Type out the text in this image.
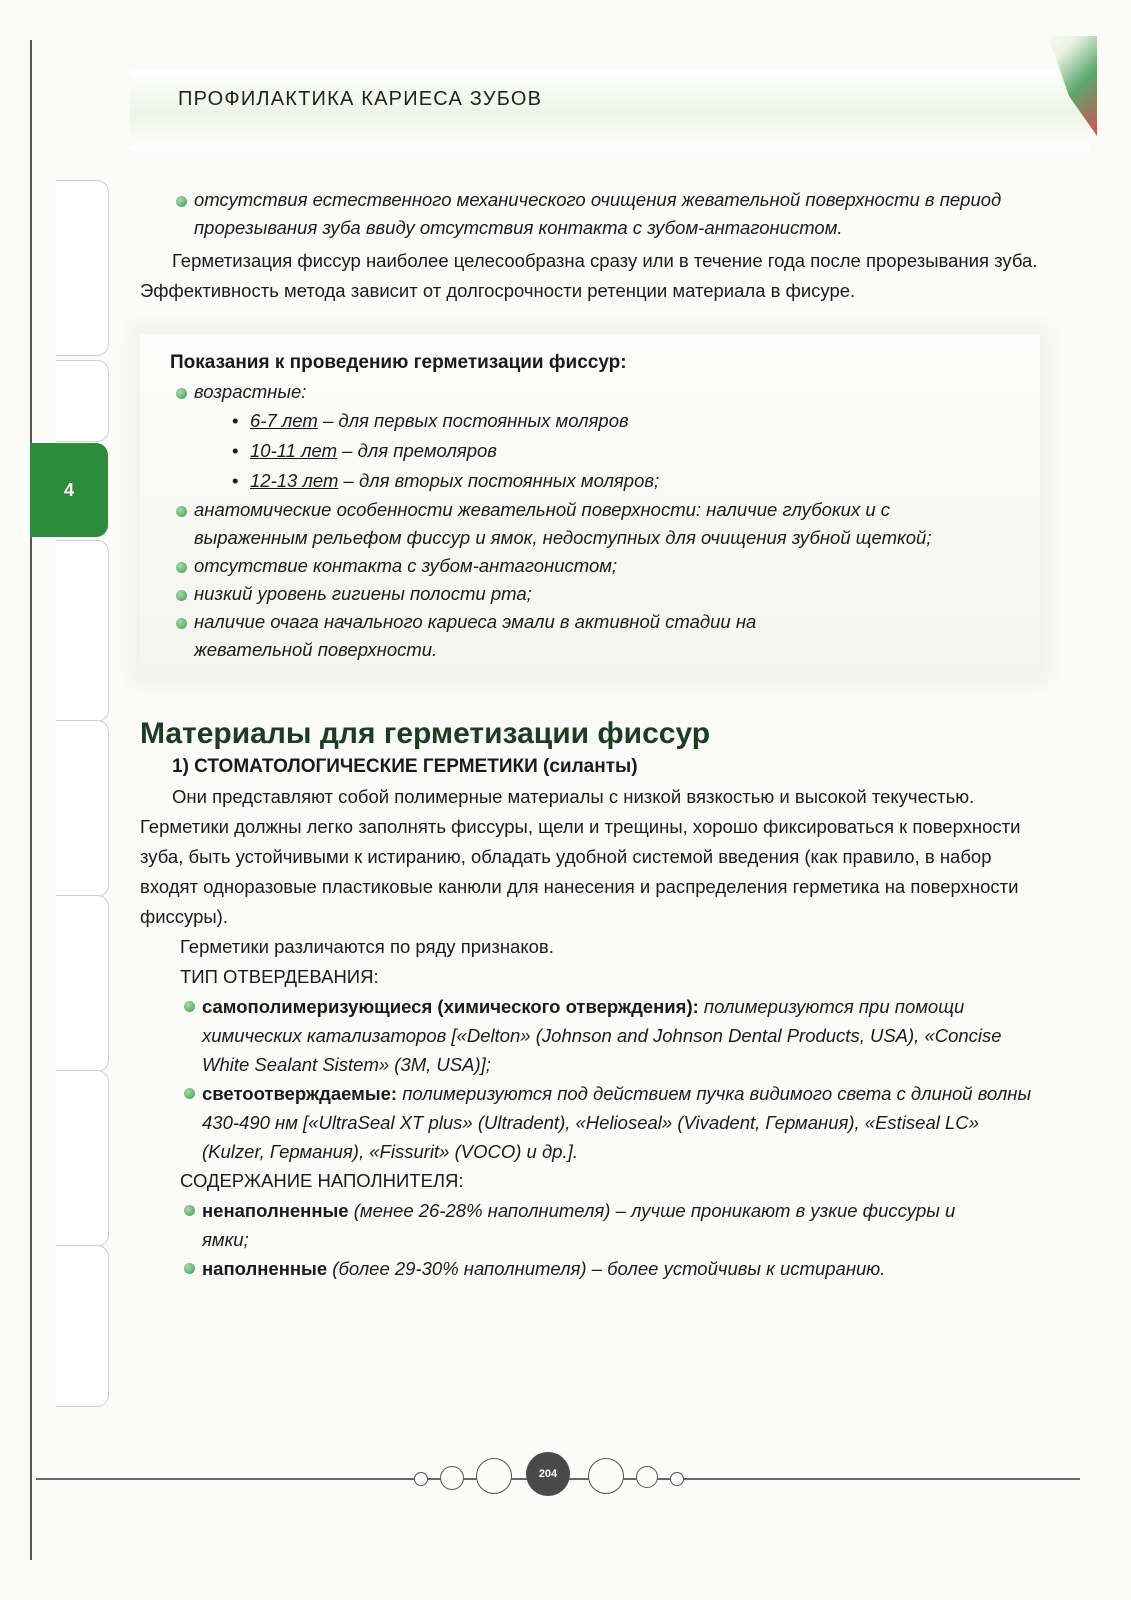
4
ПРОФИЛАКТИКА КАРИЕСА ЗУБОВ
отсутствия естественного механического очищения жевательной поверхности в период прорезывания зуба ввиду отсутствия контакта с зубом-антагонистом.

Герметизация фиссур наиболее целесообразна сразу или в течение года после прорезывания зуба. Эффективность метода зависит от долгосрочности ретенции материала в фисуре.

Показания к проведению герметизации фиссур:

возрастные:
• 6-7 лет – для первых постоянных моляров
• 10-11 лет – для премоляров
• 12-13 лет – для вторых постоянных моляров;
анатомические особенности жевательной поверхности: наличие глубоких и с выраженным рельефом фиссур и ямок, недоступных для очищения зубной щеткой;
отсутствие контакта с зубом-антагонистом;
низкий уровень гигиены полости рта;
наличие очага начального кариеса эмали в активной стадии на жевательной поверхности.
Материалы для герметизации фиссур

1) СТОМАТОЛОГИЧЕСКИЕ ГЕРМЕТИКИ (силанты)

Они представляют собой полимерные материалы с низкой вязкостью и высокой текучестью. Герметики должны легко заполнять фиссуры, щели и трещины, хорошо фиксироваться к поверхности зуба, быть устойчивыми к истиранию, обладать удобной системой введения (как правило, в набор входят одноразовые пластиковые канюли для нанесения и распределения герметика на поверхности фиссуры).

Герметики различаются по ряду признаков.

ТИП ОТВЕРДЕВАНИЯ:

самополимеризующиеся (химического отверждения): полимеризуются при помощи химических катализаторов [«Delton» (Johnson and Johnson Dental Products, USA), «Concise White Sealant Sistem» (3M, USA)];
светоотверждаемые: полимеризуются под действием пучка видимого света с длиной волны 430-490 нм [«UltraSeal XT plus» (Ultradent), «Helioseal» (Vivadent, Германия), «Estiseal LC» (Kulzer, Германия), «Fissurit» (VOCO) и др.].

СОДЕРЖАНИЕ НАПОЛНИТЕЛЯ:

ненаполненные (менее 26-28% наполнителя) – лучше проникают в узкие фиссуры и ямки;
наполненные (более 29-30% наполнителя) – более устойчивы к истиранию.
204
